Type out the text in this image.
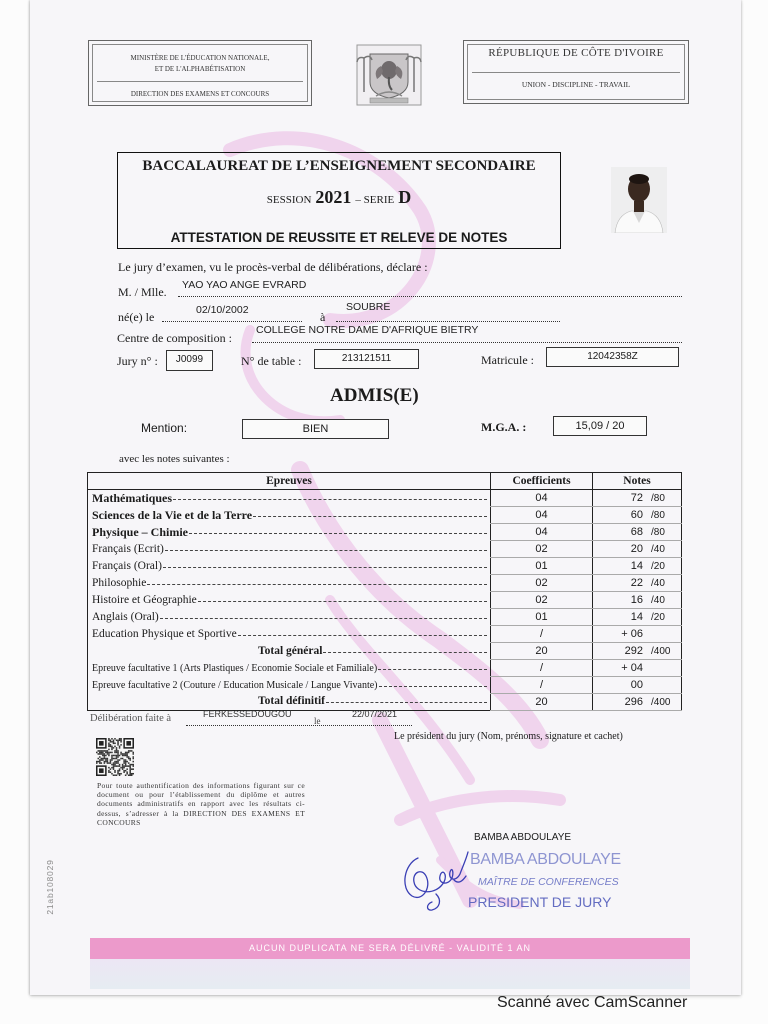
MINISTÈRE DE L'ÉDUCATION NATIONALE,
ET DE L'ALPHABÉTISATION
DIRECTION DES EXAMENS ET CONCOURS
RÉPUBLIQUE DE CÔTE D'IVOIRE
UNION - DISCIPLINE - TRAVAIL
BACCALAUREAT DE L’ENSEIGNEMENT SECONDAIRE
SESSION 2021 – SERIE D
ATTESTATION DE REUSSITE ET RELEVE DE NOTES
Le jury d’examen, vu le procès-verbal de délibérations, déclare :
M. / Mlle. YAO YAO ANGE EVRARD
né(e) le	02/10/2002	à
SOUBRE
Centre de composition :
COLLEGE NOTRE DAME D'AFRIQUE BIETRY
Jury n° :	J0099	N° de table :	213121511	Matricule :	12042358Z
ADMIS(E)
Mention:	BIEN	M.G.A. :	15,09 / 20
avec les notes suivantes :
Epreuves	Coefficients	Notes

Mathématiques	04	72 /80

Sciences de la Vie et de la Terre	04	60 /80

Physique – Chimie	04	68 /80

Français (Ecrit)	02	20 /40

Français (Oral)	01	14 /20

Philosophie	02	22 /40

Histoire et Géographie	02	16 /40

Anglais (Oral)	01	14 /20

Education Physique et Sportive	/	+ 06

Total général	20	292 /400

Epreuve facultative 1 (Arts Plastiques / Economie Sociale et Familiale)	/	+ 04

Epreuve facultative 2 (Couture / Education Musicale / Langue Vivante)	/	00

Total définitif	20	296 /400
Délibération faite à	FERKESSEDOUGOU
le
22/07/2021
Le président du jury (Nom, prénoms, signature et cachet)
Pour toute authentification des informations figurant sur ce document ou pour l’établissement du diplôme et autres documents administratifs en rapport avec les résultats ci-dessus, s’adresser à la DIRECTION DES EXAMENS ET CONCOURS
BAMBA ABDOULAYE
BAMBA ABDOULAYE
MAÎTRE DE CONFERENCES
PRESIDENT DE JURY
21ab108029
AUCUN DUPLICATA NE SERA DÉLIVRÉ - VALIDITÉ 1 AN
Scanné avec CamScanner
